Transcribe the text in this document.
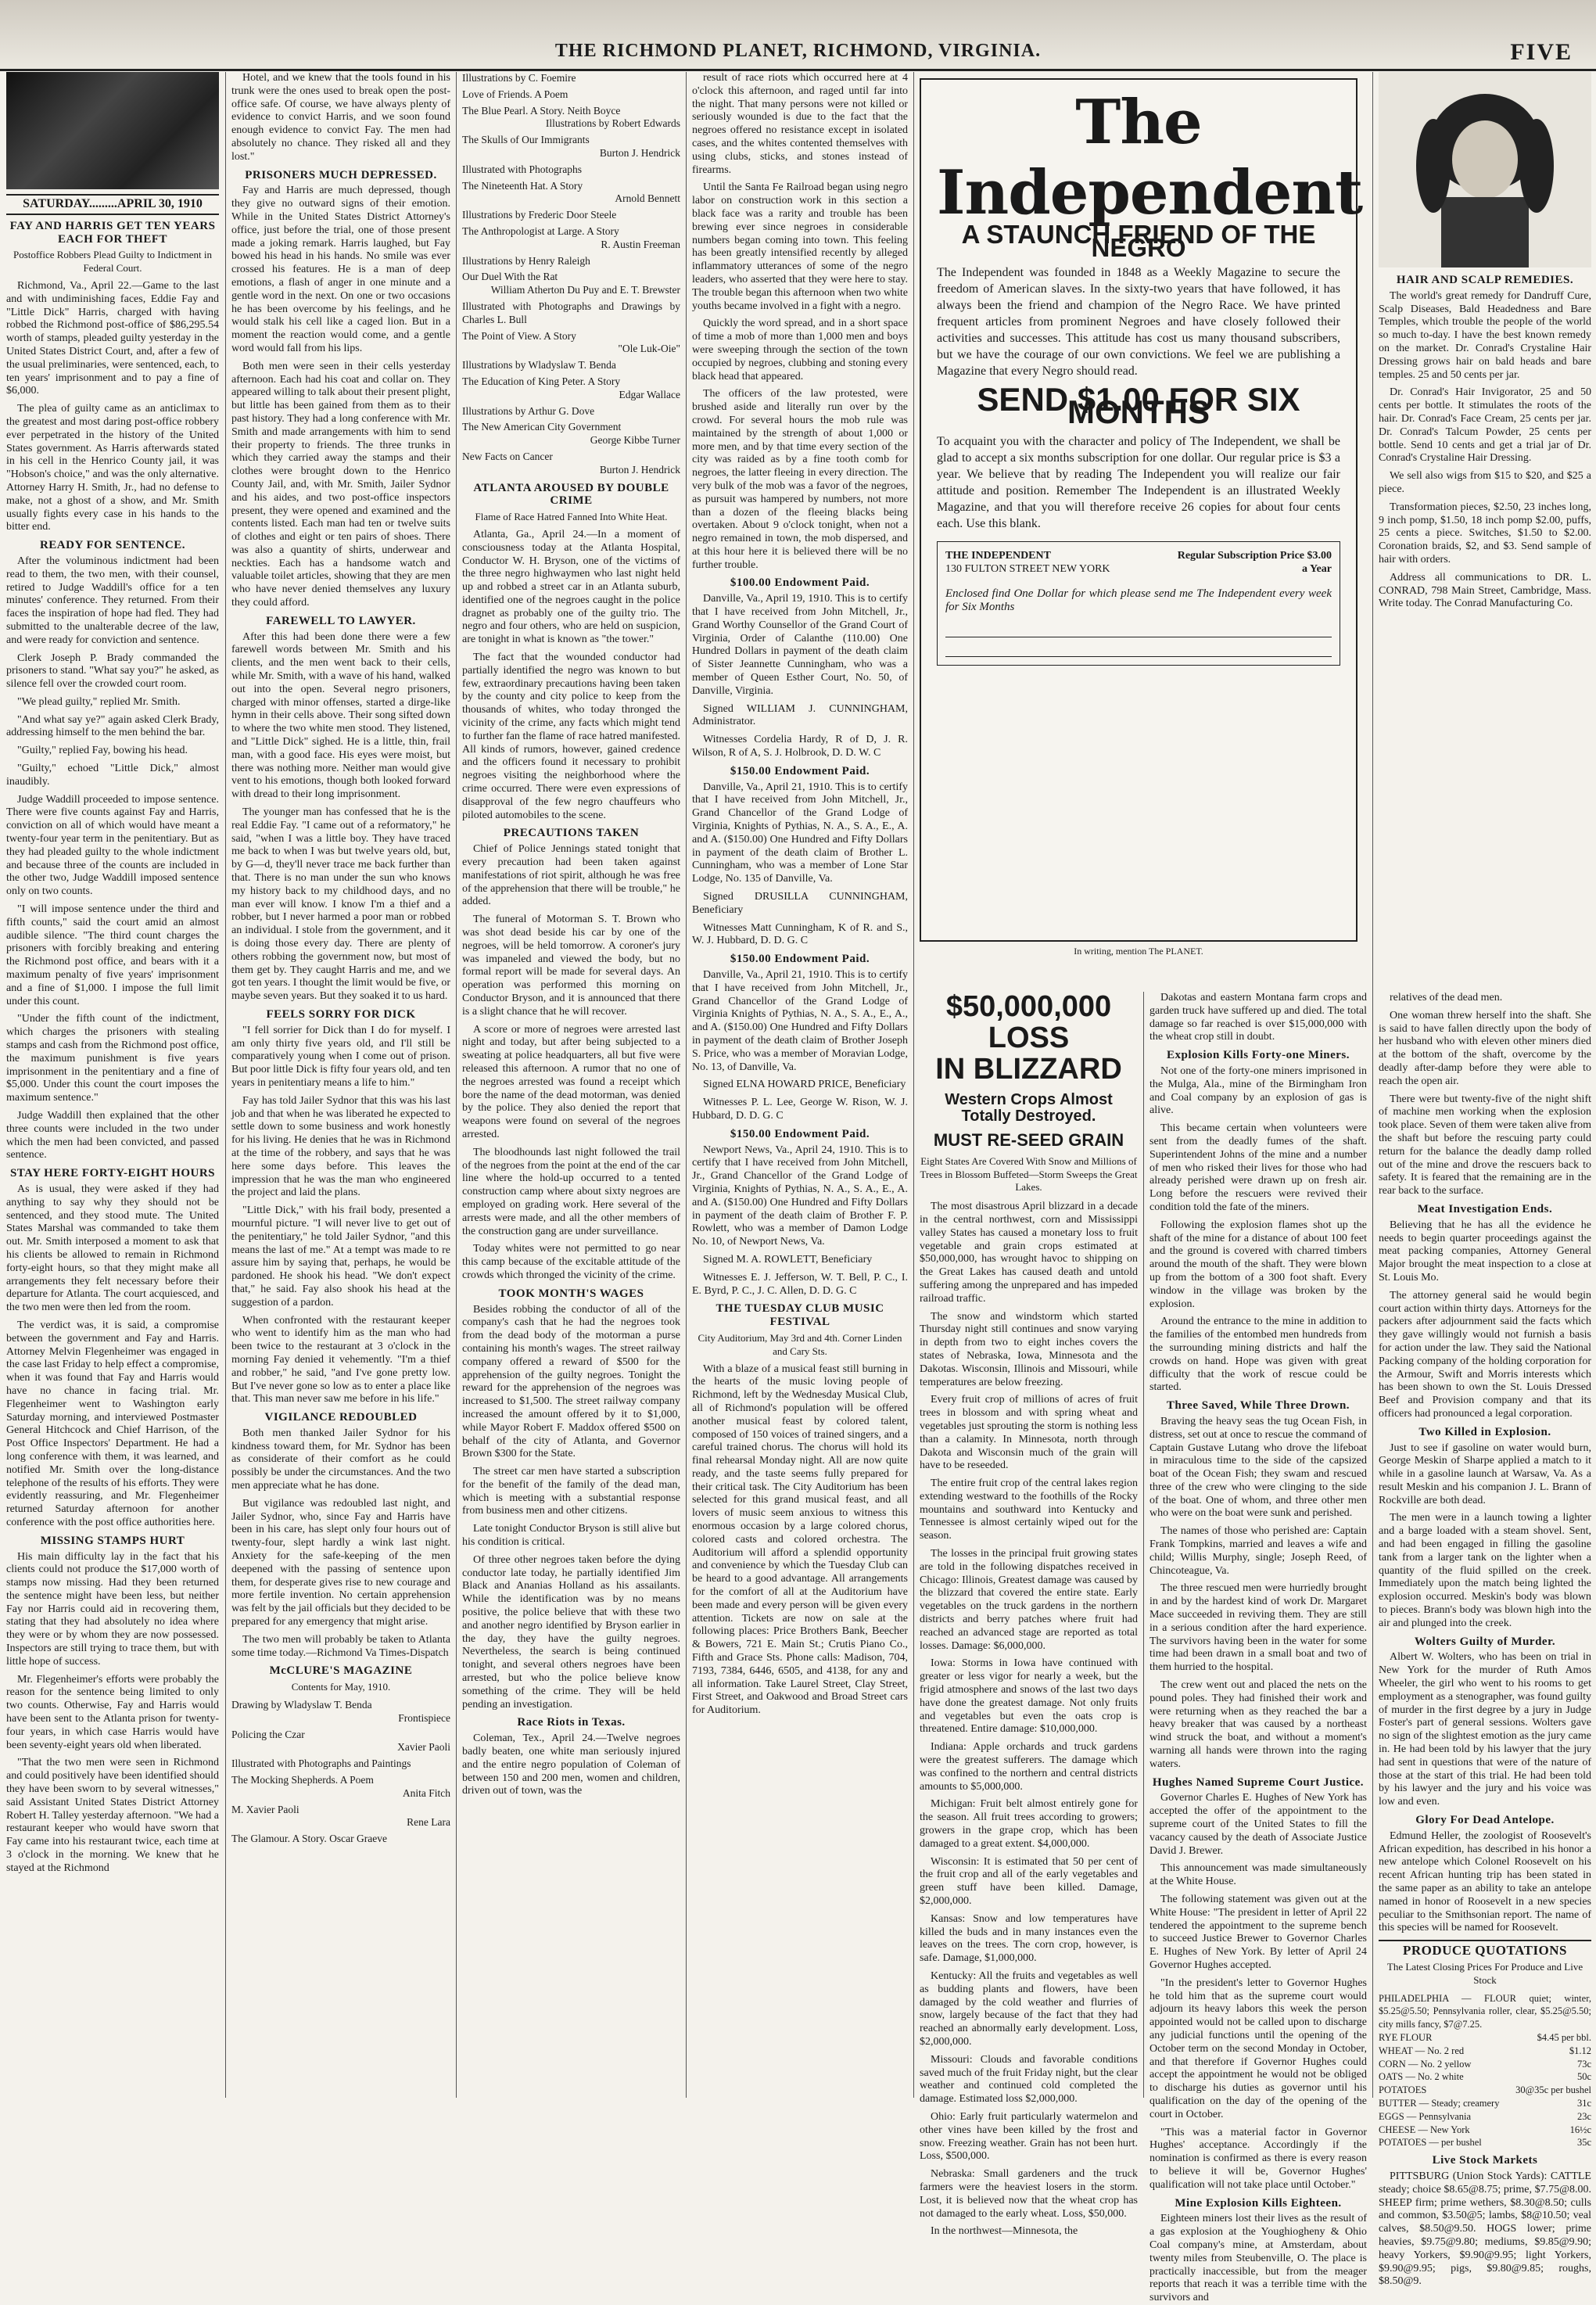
THE RICHMOND PLANET, RICHMOND, VIRGINIA.	FIVE
SATURDAY.........APRIL 30, 1910
FAY AND HARRIS GET TEN YEARS EACH FOR THEFT
Postoffice Robbers Plead Guilty to Indictment in Federal Court.

Richmond, Va., April 22.—Game to the last and with undiminishing faces, Eddie Fay and "Little Dick" Harris, charged with having robbed the Richmond post-office of $86,295.54 worth of stamps, pleaded guilty yesterday in the United States District Court, and, after a few of the usual preliminaries, were sentenced, each, to ten years' imprisonment and to pay a fine of $6,000.

The plea of guilty came as an anticlimax to the greatest and most daring post-office robbery ever perpetrated in the history of the United States government. As Harris afterwards stated in his cell in the Henrico County jail, it was "Hobson's choice," and was the only alternative. Attorney Harry H. Smith, Jr., had no defense to make, not a ghost of a show, and Mr. Smith usually fights every case in his hands to the bitter end.

READY FOR SENTENCE.

After the voluminous indictment had been read to them, the two men, with their counsel, retired to Judge Waddill's office for a ten minutes' conference. They returned. From their faces the inspiration of hope had fled. They had submitted to the unalterable decree of the law, and were ready for conviction and sentence.

Clerk Joseph P. Brady commanded the prisoners to stand. "What say you?" he asked, as silence fell over the crowded court room.

"We plead guilty," replied Mr. Smith.

"And what say ye?" again asked Clerk Brady, addressing himself to the men behind the bar.

"Guilty," replied Fay, bowing his head.

"Guilty," echoed "Little Dick," almost inaudibly.

Judge Waddill proceeded to impose sentence. There were five counts against Fay and Harris, conviction on all of which would have meant a twenty-four year term in the penitentiary. But as they had pleaded guilty to the whole indictment and because three of the counts are included in the other two, Judge Waddill imposed sentence only on two counts.

"I will impose sentence under the third and fifth counts," said the court amid an almost audible silence. "The third count charges the prisoners with forcibly breaking and entering the Richmond post office, and bears with it a maximum penalty of five years' imprisonment and a fine of $1,000. I impose the full limit under this count.

"Under the fifth count of the indictment, which charges the prisoners with stealing stamps and cash from the Richmond post office, the maximum punishment is five years imprisonment in the penitentiary and a fine of $5,000. Under this count the court imposes the maximum sentence."

Judge Waddill then explained that the other three counts were included in the two under which the men had been convicted, and passed sentence.

STAY HERE FORTY-EIGHT HOURS

As is usual, they were asked if they had anything to say why they should not be sentenced, and they stood mute. The United States Marshal was commanded to take them out. Mr. Smith interposed a moment to ask that his clients be allowed to remain in Richmond forty-eight hours, so that they might make all arrangements they felt necessary before their departure for Atlanta. The court acquiesced, and the two men were then led from the room.

The verdict was, it is said, a compromise between the government and Fay and Harris. Attorney Melvin Flegenheimer was engaged in the case last Friday to help effect a compromise, when it was found that Fay and Harris would have no chance in facing trial. Mr. Flegenheimer went to Washington early Saturday morning, and interviewed Postmaster General Hitchcock and Chief Harrison, of the Post Office Inspectors' Department. He had a long conference with them, it was learned, and notified Mr. Smith over the long-distance telephone of the results of his efforts. They were evidently reassuring, and Mr. Flegenheimer returned Saturday afternoon for another conference with the post office authorities here.

MISSING STAMPS HURT

His main difficulty lay in the fact that his clients could not produce the $17,000 worth of stamps now missing. Had they been returned the sentence might have been less, but neither Fay nor Harris could aid in recovering them, stating that they had absolutely no idea where they were or by whom they are now possessed. Inspectors are still trying to trace them, but with little hope of success.

Mr. Flegenheimer's efforts were probably the reason for the sentence being limited to only two counts. Otherwise, Fay and Harris would have been sent to the Atlanta prison for twenty-four years, in which case Harris would have been seventy-eight years old when liberated.

"That the two men were seen in Richmond and could positively have been identified should they have been sworn to by several witnesses," said Assistant United States District Attorney Robert H. Talley yesterday afternoon. "We had a restaurant keeper who would have sworn that Fay came into his restaurant twice, each time at 3 o'clock in the morning. We knew that he stayed at the Richmond

Hotel, and we knew that the tools found in his trunk were the ones used to break open the post-office safe. Of course, we have always plenty of evidence to convict Harris, and we soon found enough evidence to convict Fay. The men had absolutely no chance. They risked all and they lost."

PRISONERS MUCH DEPRESSED.

Fay and Harris are much depressed, though they give no outward signs of their emotion. While in the United States District Attorney's office, just before the trial, one of those present made a joking remark. Harris laughed, but Fay bowed his head in his hands. No smile was ever crossed his features. He is a man of deep emotions, a flash of anger in one minute and a gentle word in the next. On one or two occasions he has been overcome by his feelings, and he would stalk his cell like a caged lion. But in a moment the reaction would come, and a gentle word would fall from his lips.

Both men were seen in their cells yesterday afternoon. Each had his coat and collar on. They appeared willing to talk about their present plight, but little has been gained from them as to their past history. They had a long conference with Mr. Smith and made arrangements with him to send their property to friends. The three trunks in which they carried away the stamps and their clothes were brought down to the Henrico County Jail, and, with Mr. Smith, Jailer Sydnor and his aides, and two post-office inspectors present, they were opened and examined and the contents listed. Each man had ten or twelve suits of clothes and eight or ten pairs of shoes. There was also a quantity of shirts, underwear and neckties. Each has a handsome watch and valuable toilet articles, showing that they are men who have never denied themselves any luxury they could afford.

FAREWELL TO LAWYER.

After this had been done there were a few farewell words between Mr. Smith and his clients, and the men went back to their cells, while Mr. Smith, with a wave of his hand, walked out into the open. Several negro prisoners, charged with minor offenses, started a dirge-like hymn in their cells above. Their song sifted down to where the two white men stood. They listened, and "Little Dick" sighed. He is a little, thin, frail man, with a good face. His eyes were moist, but there was nothing more. Neither man would give vent to his emotions, though both looked forward with dread to their long imprisonment.

The younger man has confessed that he is the real Eddie Fay. "I came out of a reformatory," he said, "when I was a little boy. They have traced me back to when I was but twelve years old, but, by G—d, they'll never trace me back further than that. There is no man under the sun who knows my history back to my childhood days, and no man ever will know. I know I'm a thief and a robber, but I never harmed a poor man or robbed an individual. I stole from the government, and it is doing those every day. There are plenty of others robbing the government now, but most of them get by. They caught Harris and me, and we got ten years. I thought the limit would be five, or maybe seven years. But they soaked it to us hard.

FEELS SORRY FOR DICK

"I fell sorrier for Dick than I do for myself. I am only thirty five years old, and I'll still be comparatively young when I come out of prison. But poor little Dick is fifty four years old, and ten years in penitentiary means a life to him."

Fay has told Jailer Sydnor that this was his last job and that when he was liberated he expected to settle down to some business and work honestly for his living. He denies that he was in Richmond at the time of the robbery, and says that he was here some days before. This leaves the impression that he was the man who engineered the project and laid the plans.

"Little Dick," with his frail body, presented a mournful picture. "I will never live to get out of the penitentiary," he told Jailer Sydnor, "and this means the last of me." At a tempt was made to re assure him by saying that, perhaps, he would be pardoned. He shook his head. "We don't expect that," he said. Fay also shook his head at the suggestion of a pardon.

When confronted with the restaurant keeper who went to identify him as the man who had been twice to the restaurant at 3 o'clock in the morning Fay denied it vehemently. "I'm a thief and robber," he said, "and I've gone pretty low. But I've never gone so low as to enter a place like that. This man never saw me before in his life."

VIGILANCE REDOUBLED

Both men thanked Jailer Sydnor for his kindness toward them, for Mr. Sydnor has been as considerate of their comfort as he could possibly be under the circumstances. And the two men appreciate what he has done.

But vigilance was redoubled last night, and Jailer Sydnor, who, since Fay and Harris have been in his care, has slept only four hours out of twenty-four, slept hardly a wink last night. Anxiety for the safe-keeping of the men deepened with the passing of sentence upon them, for desperate gives rise to new courage and more fertile invention. No certain apprehension was felt by the jail officials but they decided to be prepared for any emergency that might arise.

The two men will probably be taken to Atlanta some time today.—Richmond Va Times-Dispatch

McCLURE'S MAGAZINE
Contents for May, 1910.
Drawing by Wladyslaw T. Benda
Frontispiece
Policing the Czar
Xavier Paoli
Illustrated with Photographs and Paintings
The Mocking Shepherds. A Poem
Anita Fitch
M. Xavier Paoli
Rene Lara
The Glamour. A Story. Oscar Graeve
Illustrations by C. Foemire
Love of Friends. A Poem
The Blue Pearl. A Story. Neith Boyce
Illustrations by Robert Edwards
The Skulls of Our Immigrants
Burton J. Hendrick
Illustrated with Photographs
The Nineteenth Hat. A Story
Arnold Bennett
Illustrations by Frederic Door Steele
The Anthropologist at Large. A Story
R. Austin Freeman
Illustrations by Henry Raleigh
Our Duel With the Rat
William Atherton Du Puy and E. T. Brewster
Illustrated with Photographs and Drawings by Charles L. Bull
The Point of View. A Story
"Ole Luk-Oie"
Illustrations by Wladyslaw T. Benda
The Education of King Peter. A Story
Edgar Wallace
Illustrations by Arthur G. Dove
The New American City Government
George Kibbe Turner
New Facts on Cancer
Burton J. Hendrick
ATLANTA AROUSED BY DOUBLE CRIME
Flame of Race Hatred Fanned Into White Heat.

Atlanta, Ga., April 24.—In a moment of consciousness today at the Atlanta Hospital, Conductor W. H. Bryson, one of the victims of the three negro highwaymen who last night held up and robbed a street car in an Atlanta suburb, identified one of the negroes caught in the police dragnet as probably one of the guilty trio. The negro and four others, who are held on suspicion, are tonight in what is known as "the tower."

The fact that the wounded conductor had partially identified the negro was known to but few, extraordinary precautions having been taken by the county and city police to keep from the thousands of whites, who today thronged the vicinity of the crime, any facts which might tend to further fan the flame of race hatred manifested. All kinds of rumors, however, gained credence and the officers found it necessary to prohibit negroes visiting the neighborhood where the crime occurred. There were even expressions of disapproval of the few negro chauffeurs who piloted automobiles to the scene.

PRECAUTIONS TAKEN

Chief of Police Jennings stated tonight that every precaution had been taken against manifestations of riot spirit, although he was free of the apprehension that there will be trouble," he added.

The funeral of Motorman S. T. Brown who was shot dead beside his car by one of the negroes, will be held tomorrow. A coroner's jury was impaneled and viewed the body, but no formal report will be made for several days. An operation was performed this morning on Conductor Bryson, and it is announced that there is a slight chance that he will recover.

A score or more of negroes were arrested last night and today, but after being subjected to a sweating at police headquarters, all but five were released this afternoon. A rumor that no one of the negroes arrested was found a receipt which bore the name of the dead motorman, was denied by the police. They also denied the report that weapons were found on several of the negroes arrested.

The bloodhounds last night followed the trail of the negroes from the point at the end of the car line where the hold-up occurred to a tented construction camp where about sixty negroes are employed on grading work. Here several of the arrests were made, and all the other members of the construction gang are under surveillance.

Today whites were not permitted to go near this camp because of the excitable attitude of the crowds which thronged the vicinity of the crime.

TOOK MONTH'S WAGES

Besides robbing the conductor of all of the company's cash that he had the negroes took from the dead body of the motorman a purse containing his month's wages. The street railway company offered a reward of $500 for the apprehension of the guilty negroes. Tonight the reward for the apprehension of the negroes was increased to $1,500. The street railway company increased the amount offered by it to $1,000, while Mayor Robert F. Maddox offered $500 on behalf of the city of Atlanta, and Governor Brown $300 for the State.

The street car men have started a subscription for the benefit of the family of the dead man, which is meeting with a substantial response from business men and other citizens.

Late tonight Conductor Bryson is still alive but his condition is critical.

Of three other negroes taken before the dying conductor late today, he partially identified Jim Black and Ananias Holland as his assailants. While the identification was by no means positive, the police believe that with these two and another negro identified by Bryson earlier in the day, they have the guilty negroes. Nevertheless, the search is being continued tonight, and several others negroes have been arrested, but who the police believe know something of the crime. They will be held pending an investigation.

Race Riots in Texas.

Coleman, Tex., April 24.—Twelve negroes badly beaten, one white man seriously injured and the entire negro population of Coleman of between 150 and 200 men, women and children, driven out of town, was the

result of race riots which occurred here at 4 o'clock this afternoon, and raged until far into the night. That many persons were not killed or seriously wounded is due to the fact that the negroes offered no resistance except in isolated cases, and the whites contented themselves with using clubs, sticks, and stones instead of firearms.

Until the Santa Fe Railroad began using negro labor on construction work in this section a black face was a rarity and trouble has been brewing ever since negroes in considerable numbers began coming into town. This feeling has been greatly intensified recently by alleged inflammatory utterances of some of the negro leaders, who asserted that they were here to stay. The trouble began this afternoon when two white youths became involved in a fight with a negro.

Quickly the word spread, and in a short space of time a mob of more than 1,000 men and boys were sweeping through the section of the town occupied by negroes, clubbing and stoning every black head that appeared.

The officers of the law protested, were brushed aside and literally run over by the crowd. For several hours the mob rule was maintained by the strength of about 1,000 or more men, and by that time every section of the city was raided as by a fine tooth comb for negroes, the latter fleeing in every direction. The very bulk of the mob was a favor of the negroes, as pursuit was hampered by numbers, not more than a dozen of the fleeing blacks being overtaken. About 9 o'clock tonight, when not a negro remained in town, the mob dispersed, and at this hour here it is believed there will be no further trouble.

$100.00 Endowment Paid.

Danville, Va., April 19, 1910. This is to certify that I have received from John Mitchell, Jr., Grand Worthy Counsellor of the Grand Court of Virginia, Order of Calanthe (110.00) One Hundred Dollars in payment of the death claim of Sister Jeannette Cunningham, who was a member of Queen Esther Court, No. 50, of Danville, Virginia.

Signed WILLIAM J. CUNNINGHAM, Administrator.

Witnesses Cordelia Hardy, R of D, J. R. Wilson, R of A, S. J. Holbrook, D. D. W. C

$150.00 Endowment Paid.

Danville, Va., April 21, 1910. This is to certify that I have received from John Mitchell, Jr., Grand Chancellor of the Grand Lodge of Virginia, Knights of Pythias, N. A., S. A., E., A. and A. ($150.00) One Hundred and Fifty Dollars in payment of the death claim of Brother L. Cunningham, who was a member of Lone Star Lodge, No. 135 of Danville, Va.

Signed DRUSILLA CUNNINGHAM, Beneficiary

Witnesses Matt Cunningham, K of R. and S., W. J. Hubbard, D. D. G. C

$150.00 Endowment Paid.

Danville, Va., April 21, 1910. This is to certify that I have received from John Mitchell, Jr., Grand Chancellor of the Grand Lodge of Virginia Knights of Pythias, N. A., S. A., E., A., and A. ($150.00) One Hundred and Fifty Dollars in payment of the death claim of Brother Joseph S. Price, who was a member of Moravian Lodge, No. 13, of Danville, Va.

Signed ELNA HOWARD PRICE, Beneficiary

Witnesses P. L. Lee, George W. Rison, W. J. Hubbard, D. D. G. C

$150.00 Endowment Paid.

Newport News, Va., April 24, 1910. This is to certify that I have received from John Mitchell, Jr., Grand Chancellor of the Grand Lodge of Virginia, Knights of Pythias, N. A., S. A., E., A. and A. ($150.00) One Hundred and Fifty Dollars in payment of the death claim of Brother F. P. Rowlett, who was a member of Damon Lodge No. 10, of Newport News, Va.

Signed M. A. ROWLETT, Beneficiary

Witnesses E. J. Jefferson, W. T. Bell, P. C., I. E. Byrd, P. C., J. C. Allen, D. D. G. C

THE TUESDAY CLUB MUSIC FESTIVAL
City Auditorium, May 3rd and 4th. Corner Linden and Cary Sts.

With a blaze of a musical feast still burning in the hearts of the music loving people of Richmond, left by the Wednesday Musical Club, all of Richmond's population will be offered another musical feast by colored talent, composed of 150 voices of trained singers, and a careful trained chorus. The chorus will hold its final rehearsal Monday night. All are now quite ready, and the taste seems fully prepared for their critical task. The City Auditorium has been selected for this grand musical feast, and all lovers of music seem anxious to witness this enormous occasion by a large colored chorus, colored casts and colored orchestra. The Auditorium will afford a splendid opportunity and convenience by which the Tuesday Club can be heard to a good advantage. All arrangements for the comfort of all at the Auditorium have been made and every person will be given every attention. Tickets are now on sale at the following places: Price Brothers Bank, Beecher & Bowers, 721 E. Main St.; Crutis Piano Co., Fifth and Grace Sts. Phone calls: Madison, 704, 7193, 7384, 6446, 6505, and 4138, for any and all information. Take Laurel Street, Clay Street, First Street, and Oakwood and Broad Street cars for Auditorium.

The Independent
A STAUNCH FRIEND OF THE NEGRO
The Independent was founded in 1848 as a Weekly Magazine to secure the freedom of American slaves. In the sixty-two years that have followed, it has always been the friend and champion of the Negro Race. We have printed frequent articles from prominent Negroes and have closely followed their activities and successes. This attitude has cost us many thousand subscribers, but we have the courage of our own convictions. We feel we are publishing a Magazine that every Negro should read.
SEND $1.00 FOR SIX MONTHS
To acquaint you with the character and policy of The Independent, we shall be glad to accept a six months subscription for one dollar. Our regular price is $3 a year. We believe that by reading The Independent you will realize our fair attitude and position. Remember The Independent is an illustrated Weekly Magazine, and that you will therefore receive 26 copies for about four cents each. Use this blank.
THE INDEPENDENT
130 FULTON STREET NEW YORK
Regular Subscription Price $3.00 a Year
Enclosed find One Dollar for which please send me The Independent every week for Six Months
In writing, mention The PLANET.
HAIR AND SCALP REMEDIES.

The world's great remedy for Dandruff Cure, Scalp Diseases, Bald Headedness and Bare Temples, which trouble the people of the world so much to-day. I have the best known remedy on the market. Dr. Conrad's Crystaline Hair Dressing grows hair on bald heads and bare temples. 25 and 50 cents per jar.

Dr. Conrad's Hair Invigorator, 25 and 50 cents per bottle. It stimulates the roots of the hair. Dr. Conrad's Face Cream, 25 cents per jar. Dr. Conrad's Talcum Powder, 25 cents per bottle. Send 10 cents and get a trial jar of Dr. Conrad's Crystaline Hair Dressing.

We sell also wigs from $15 to $20, and $25 a piece.

Transformation pieces, $2.50, 23 inches long, 9 inch pomp, $1.50, 18 inch pomp $2.00, puffs, 25 cents a piece. Switches, $1.50 to $2.00. Coronation braids, $2, and $3. Send sample of hair with orders.

Address all communications to DR. L. CONRAD, 798 Main Street, Cambridge, Mass. Write today. The Conrad Manufacturing Co.

$50,000,000 LOSS
IN BLIZZARD
Western Crops Almost Totally Destroyed.
MUST RE-SEED GRAIN
Eight States Are Covered With Snow and Millions of Trees in Blossom Buffeted—Storm Sweeps the Great Lakes.

The most disastrous April blizzard in a decade in the central northwest, corn and Mississippi valley States has caused a monetary loss to fruit vegetable and grain crops estimated at $50,000,000, has wrought havoc to shipping on the Great Lakes has caused death and untold suffering among the unprepared and has impeded railroad traffic.

The snow and windstorm which started Thursday night still continues and snow varying in depth from two to eight inches covers the states of Nebraska, Iowa, Minnesota and the Dakotas. Wisconsin, Illinois and Missouri, while temperatures are below freezing.

Every fruit crop of millions of acres of fruit trees in blossom and with spring wheat and vegetables just sprouting the storm is nothing less than a calamity. In Minnesota, north through Dakota and Wisconsin much of the grain will have to be reseeded.

The entire fruit crop of the central lakes region extending westward to the foothills of the Rocky mountains and southward into Kentucky and Tennessee is almost certainly wiped out for the season.

The losses in the principal fruit growing states are told in the following dispatches received in Chicago: Illinois, Greatest damage was caused by the blizzard that covered the entire state. Early vegetables on the truck gardens in the northern districts and berry patches where fruit had reached an advanced stage are reported as total losses. Damage: $6,000,000.

Iowa: Storms in Iowa have continued with greater or less vigor for nearly a week, but the frigid atmosphere and snows of the last two days have done the greatest damage. Not only fruits and vegetables but even the oats crop is threatened. Entire damage: $10,000,000.

Indiana: Apple orchards and truck gardens were the greatest sufferers. The damage which was confined to the northern and central districts amounts to $5,000,000.

Michigan: Fruit belt almost entirely gone for the season. All fruit trees according to growers; growers in the grape crop, which has been damaged to a great extent. $4,000,000.

Wisconsin: It is estimated that 50 per cent of the fruit crop and all of the early vegetables and green stuff have been killed. Damage, $2,000,000.

Kansas: Snow and low temperatures have killed the buds and in many instances even the leaves on the trees. The corn crop, however, is safe. Damage, $1,000,000.

Kentucky: All the fruits and vegetables as well as budding plants and flowers, have been damaged by the cold weather and flurries of snow, largely because of the fact that they had reached an abnormally early development. Loss, $2,000,000.

Missouri: Clouds and favorable conditions saved much of the fruit Friday night, but the clear weather and continued cold completed the damage. Estimated loss $2,000,000.

Ohio: Early fruit particularly watermelon and other vines have been killed by the frost and snow. Freezing weather. Grain has not been hurt. Loss, $500,000.

Nebraska: Small gardeners and the truck farmers were the heaviest losers in the storm. Lost, it is believed now that the wheat crop has not damaged to the early wheat. Loss, $50,000.

In the northwest—Minnesota, the

Dakotas and eastern Montana farm crops and garden truck have suffered up and died. The total damage so far reached is over $15,000,000 with the wheat crop still in doubt.

Explosion Kills Forty-one Miners.

Not one of the forty-one miners imprisoned in the Mulga, Ala., mine of the Birmingham Iron and Coal company by an explosion of gas is alive.

This became certain when volunteers were sent from the deadly fumes of the shaft. Superintendent Johns of the mine and a number of men who risked their lives for those who had already perished were drawn up on fresh air. Long before the rescuers were revived their condition told the fate of the miners.

Following the explosion flames shot up the shaft of the mine for a distance of about 100 feet and the ground is covered with charred timbers around the mouth of the shaft. They were blown up from the bottom of a 300 foot shaft. Every window in the village was broken by the explosion.

Around the entrance to the mine in addition to the families of the entombed men hundreds from the surrounding mining districts and half the crowds on hand. Hope was given with great difficulty that the work of rescue could be started.

Three Saved, While Three Drown.

Braving the heavy seas the tug Ocean Fish, in distress, set out at once to rescue the command of Captain Gustave Lutang who drove the lifeboat in miraculous time to the side of the capsized boat of the Ocean Fish; they swam and rescued three of the crew who were clinging to the side of the boat. One of whom, and three other men who were on the boat were sunk and perished.

The names of those who perished are: Captain Frank Tompkins, married and leaves a wife and child; Willis Murphy, single; Joseph Reed, of Chincoteague, Va.

The three rescued men were hurriedly brought in and by the hardest kind of work Dr. Margaret Mace succeeded in reviving them. They are still in a serious condition after the hard experience. The survivors having been in the water for some time had been drawn in a small boat and two of them hurried to the hospital.

The crew went out and placed the nets on the pound poles. They had finished their work and were returning when as they reached the bar a heavy breaker that was caused by a northeast wind struck the boat, and without a moment's warning all hands were thrown into the raging waters.

Hughes Named Supreme Court Justice.

Governor Charles E. Hughes of New York has accepted the offer of the appointment to the supreme court of the United States to fill the vacancy caused by the death of Associate Justice David J. Brewer.

This announcement was made simultaneously at the White House.

The following statement was given out at the White House: "The president in letter of April 22 tendered the appointment to the supreme bench to succeed Justice Brewer to Governor Charles E. Hughes of New York. By letter of April 24 Governor Hughes accepted.

"In the president's letter to Governor Hughes he told him that as the supreme court would adjourn its heavy labors this week the person appointed would not be called upon to discharge any judicial functions until the opening of the October term on the second Monday in October, and that therefore if Governor Hughes could accept the appointment he would not be obliged to discharge his duties as governor until his qualification on the day of the opening of the court in October.

"This was a material factor in Governor Hughes' acceptance. Accordingly if the nomination is confirmed as there is every reason to believe it will be, Governor Hughes' qualification will not take place until October."

Mine Explosion Kills Eighteen.

Eighteen miners lost their lives as the result of a gas explosion at the Youghiogheny & Ohio Coal company's mine, at Amsterdam, about twenty miles from Steubenville, O. The place is practically inaccessible, but from the meager reports that reach it was a terrible time with the survivors and

relatives of the dead men.

One woman threw herself into the shaft. She is said to have fallen directly upon the body of her husband who with eleven other miners died at the bottom of the shaft, overcome by the deadly after-damp before they were able to reach the open air.

There were but twenty-five of the night shift of machine men working when the explosion took place. Seven of them were taken alive from the shaft but before the rescuing party could return for the balance the deadly damp rolled out of the mine and drove the rescuers back to safety. It is feared that the remaining are in the rear back to the surface.

Meat Investigation Ends.

Believing that he has all the evidence he needs to begin quarter proceedings against the meat packing companies, Attorney General Major brought the meat inspection to a close at St. Louis Mo.

The attorney general said he would begin court action within thirty days. Attorneys for the packers after adjournment said the facts which they gave willingly would not furnish a basis for action under the law. They said the National Packing company of the holding corporation for the Armour, Swift and Morris interests which has been shown to own the St. Louis Dressed Beef and Provision company and that its officers had pronounced a legal corporation.

Two Killed in Explosion.

Just to see if gasoline on water would burn, George Meskin of Sharpe applied a match to it while in a gasoline launch at Warsaw, Va. As a result Meskin and his companion J. L. Brann of Rockville are both dead.

The men were in a launch towing a lighter and a barge loaded with a steam shovel. Sent, and had been engaged in filling the gasoline tank from a larger tank on the lighter when a quantity of the fluid spilled on the creek. Immediately upon the match being lighted the explosion occurred. Meskin's body was blown to pieces. Brann's body was blown high into the air and plunged into the creek.

Wolters Guilty of Murder.

Albert W. Wolters, who has been on trial in New York for the murder of Ruth Amos Wheeler, the girl who went to his rooms to get employment as a stenographer, was found guilty of murder in the first degree by a jury in Judge Foster's part of general sessions. Wolters gave no sign of the slightest emotion as the jury came in. He had been told by his lawyer that the jury had sent in questions that were of the nature of those at the start of this trial. He had been told by his lawyer and the jury and his voice was low and even.

Glory For Dead Antelope.

Edmund Heller, the zoologist of Roosevelt's African expedition, has described in his honor a new antelope which Colonel Roosevelt on his recent African hunting trip has been stated in the same paper as an ability to take an antelope named in honor of Roosevelt in a new species peculiar to the Smithsonian report. The name of this species will be named for Roosevelt.

PRODUCE QUOTATIONS
The Latest Closing Prices For Produce and Live Stock
PHILADELPHIA — FLOUR quiet; winter, $5.25@5.50; Pennsylvania roller, clear, $5.25@5.50; city mills fancy, $7@7.25.
RYE FLOUR	$4.45 per bbl.
WHEAT — No. 2 red	$1.12
CORN — No. 2 yellow	73c
OATS — No. 2 white	50c
POTATOES	30@35c per bushel
BUTTER — Steady; creamery	31c
EGGS — Pennsylvania	23c
CHEESE — New York	16½c
POTATOES — per bushel	35c
Live Stock Markets

PITTSBURG (Union Stock Yards): CATTLE steady; choice $8.65@8.75; prime, $7.75@8.00. SHEEP firm; prime wethers, $8.30@8.50; culls and common, $3.50@5; lambs, $8@10.50; veal calves, $8.50@9.50. HOGS lower; prime heavies, $9.75@9.80; mediums, $9.85@9.90; heavy Yorkers, $9.90@9.95; light Yorkers, $9.90@9.95; pigs, $9.80@9.85; roughs, $8.50@9.
